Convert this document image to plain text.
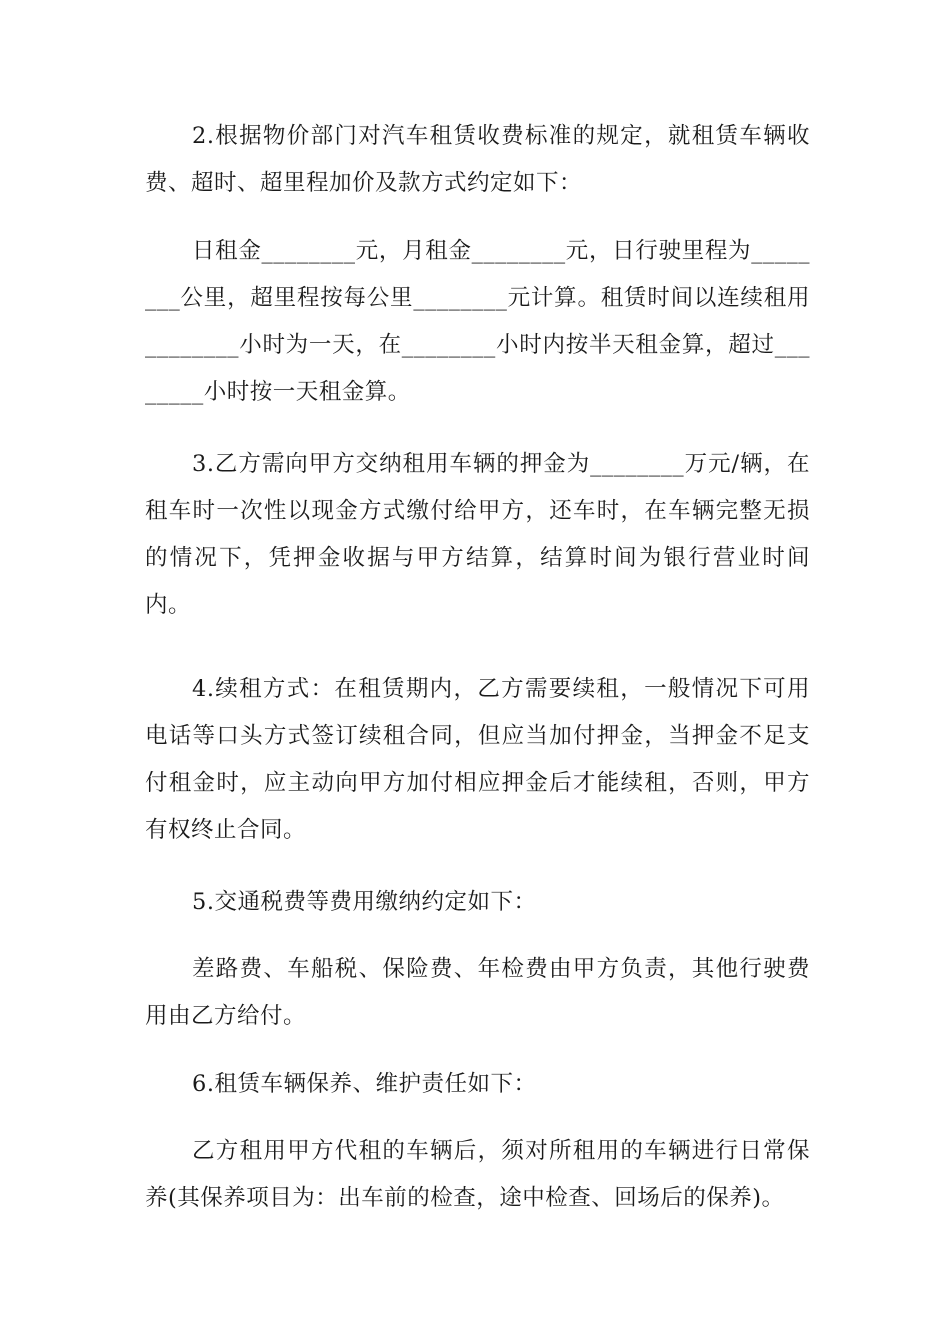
2.根据物价部门对汽车租赁收费标准的规定，就租赁车辆收费、超时、超里程加价及款方式约定如下：

日租金________元，月租金________元，日行驶里程为________公里，超里程按每公里________元计算。租赁时间以连续租用________小时为一天，在________小时内按半天租金算，超过________小时按一天租金算。

3.乙方需向甲方交纳租用车辆的押金为________万元/辆，在租车时一次性以现金方式缴付给甲方，还车时，在车辆完整无损的情况下，凭押金收据与甲方结算，结算时间为银行营业时间内。

4.续租方式：在租赁期内，乙方需要续租，一般情况下可用电话等口头方式签订续租合同，但应当加付押金，当押金不足支付租金时，应主动向甲方加付相应押金后才能续租，否则，甲方有权终止合同。

5.交通税费等费用缴纳约定如下：

差路费、车船税、保险费、年检费由甲方负责，其他行驶费用由乙方给付。

6.租赁车辆保养、维护责任如下：

乙方租用甲方代租的车辆后，须对所租用的车辆进行日常保养(其保养项目为：出车前的检查，途中检查、回场后的保养)。
